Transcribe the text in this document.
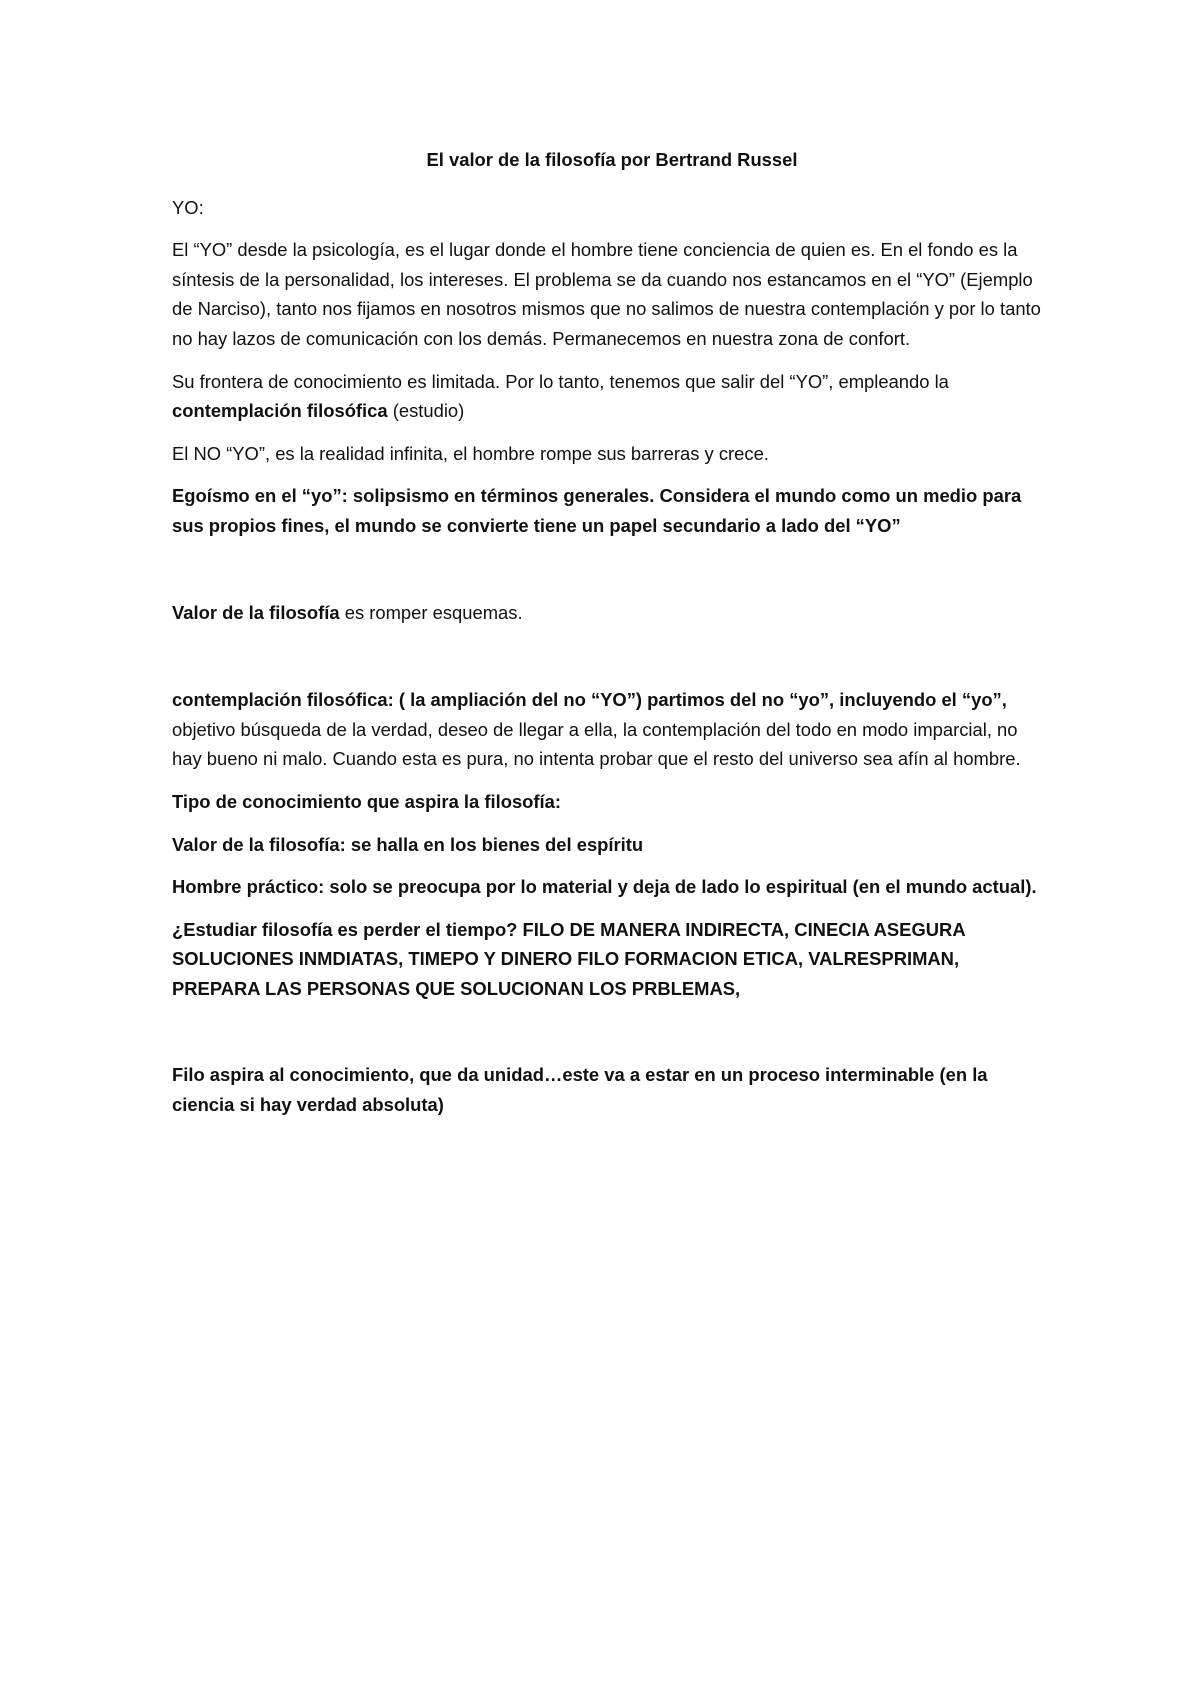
El valor de la filosofía por Bertrand Russel

YO:

El “YO” desde la psicología, es el lugar donde el hombre tiene conciencia de quien es. En el fondo es la síntesis de la personalidad, los intereses. El problema se da cuando nos estancamos en el “YO” (Ejemplo de Narciso), tanto nos fijamos en nosotros mismos que no salimos de nuestra contemplación y por lo tanto no hay lazos de comunicación con los demás. Permanecemos en nuestra zona de confort.

Su frontera de conocimiento es limitada. Por lo tanto, tenemos que salir del “YO”, empleando la contemplación filosófica (estudio)

El NO “YO”, es la realidad infinita, el hombre rompe sus barreras y crece.

Egoísmo en el “yo”: solipsismo en términos generales. Considera el mundo como un medio para sus propios fines, el mundo se convierte tiene un papel secundario a lado del “YO”

Valor de la filosofía es romper esquemas.

contemplación filosófica: ( la ampliación del no “YO”) partimos del no “yo”, incluyendo el “yo”, objetivo búsqueda de la verdad, deseo de llegar a ella, la contemplación del todo en modo imparcial, no hay bueno ni malo. Cuando esta es pura, no intenta probar que el resto del universo sea afín al hombre.

Tipo de conocimiento que aspira la filosofía:

Valor de la filosofía: se halla en los bienes del espíritu

Hombre práctico: solo se preocupa por lo material y deja de lado lo espiritual (en el mundo actual).

¿Estudiar filosofía es perder el tiempo? FILO DE MANERA INDIRECTA, CINECIA ASEGURA SOLUCIONES INMDIATAS, TIMEPO Y DINERO FILO FORMACION ETICA, VALRESPRIMAN, PREPARA LAS PERSONAS QUE SOLUCIONAN LOS PRBLEMAS,

Filo aspira al conocimiento, que da unidad…este va a estar en un proceso interminable (en la ciencia si hay verdad absoluta)
